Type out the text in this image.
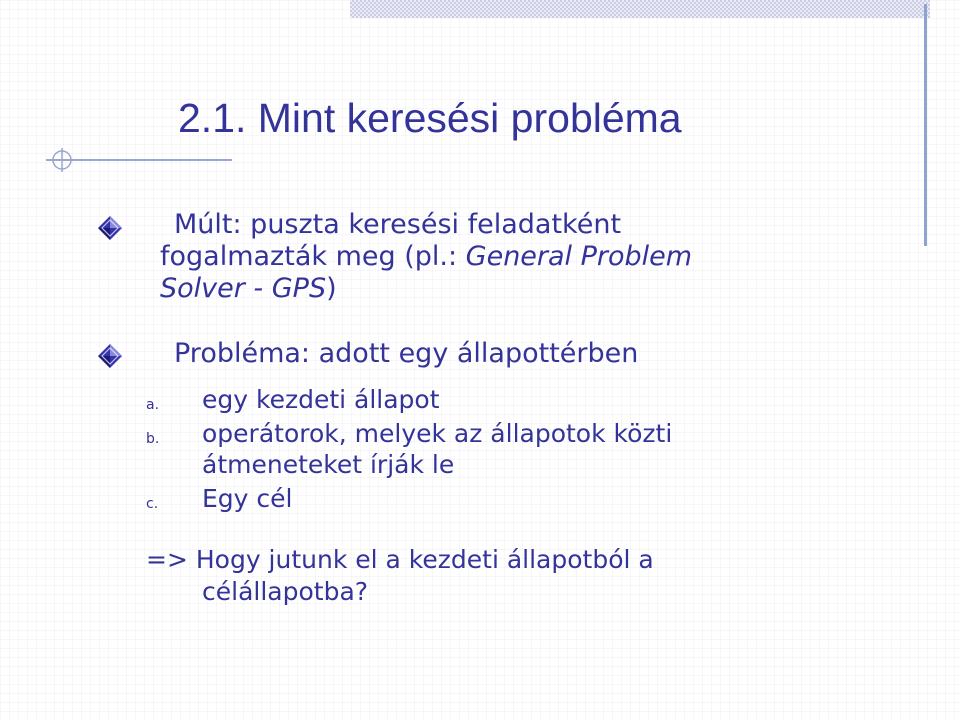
2.1. Mint keresési probléma

Múlt: puszta keresési feladatként fogalmazták meg (pl.: General Problem Solver - GPS)

Probléma: adott egy állapottérben

a. egy kezdeti állapot
b. operátorok, melyek az állapotok közti átmeneteket írják le
c. Egy cél

=> Hogy jutunk el a kezdeti állapotból a
célállapotba?
